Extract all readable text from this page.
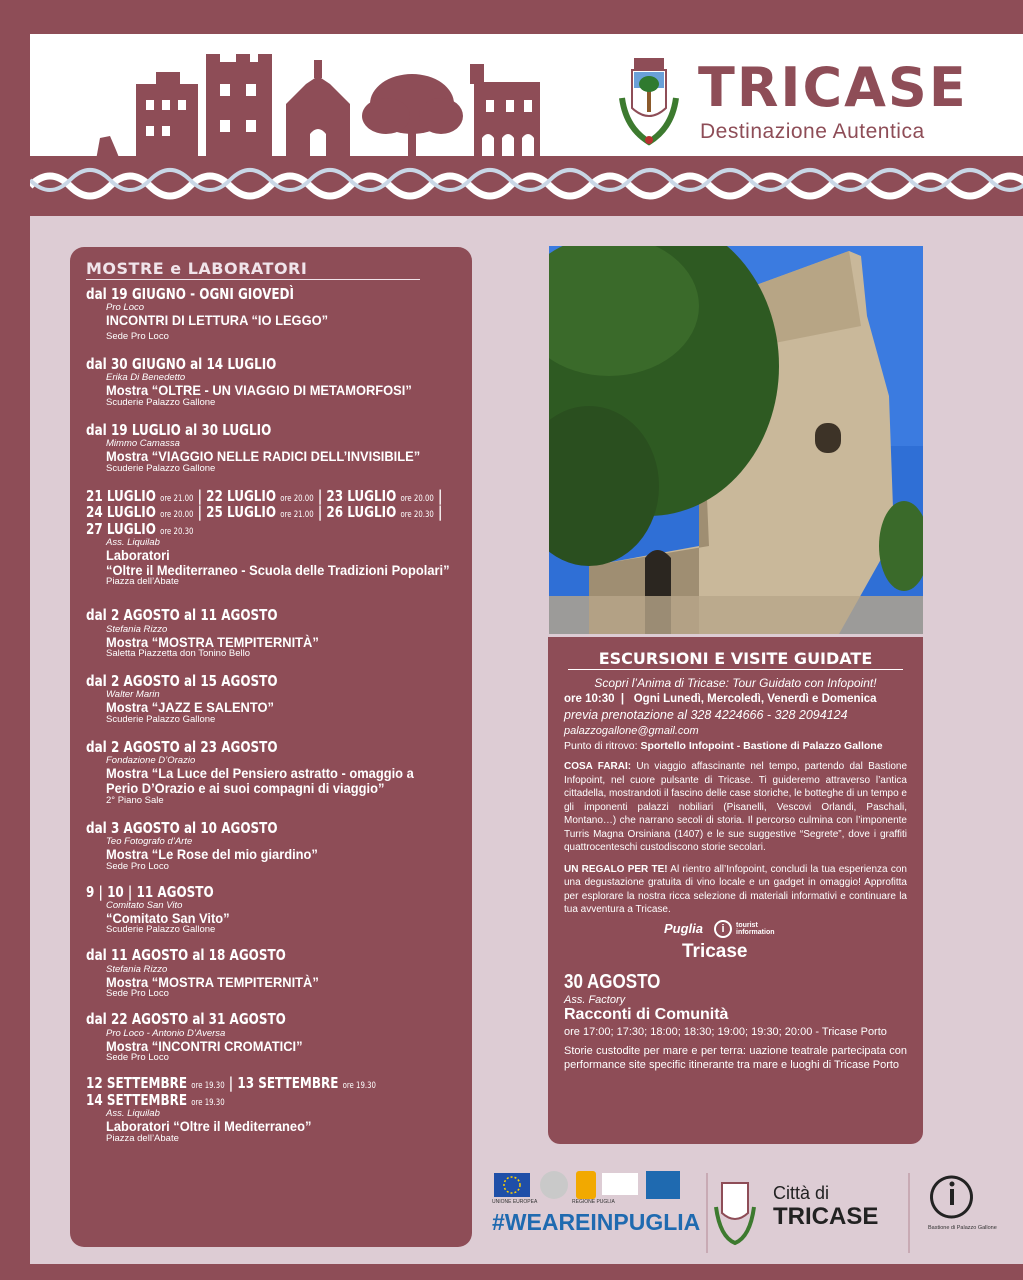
TRICASE
Destinazione Autentica
MOSTRE e LABORATORI
dal 19 GIUGNO - OGNI GIOVEDÌ
Pro Loco
INCONTRI DI LETTURA “IO LEGGO”
Sede Pro Loco
dal 30 GIUGNO al 14 LUGLIO
Erika Di Benedetto
Mostra “OLTRE - UN VIAGGIO DI METAMORFOSI”
Scuderie Palazzo Gallone
dal 19 LUGLIO al 30 LUGLIO
Mimmo Camassa
Mostra “VIAGGIO NELLE RADICI DELL’INVISIBILE”
Scuderie Palazzo Gallone
21 LUGLIO ore 21.00 | 22 LUGLIO ore 20.00 | 23 LUGLIO ore 20.00 |
24 LUGLIO ore 20.00 | 25 LUGLIO ore 21.00 | 26 LUGLIO ore 20.30 |
27 LUGLIO ore 20.30
Ass. Liquilab
Laboratori
“Oltre il Mediterraneo - Scuola delle Tradizioni Popolari”
Piazza dell’Abate
dal 2 AGOSTO al 11 AGOSTO
Stefania Rizzo
Mostra “MOSTRA TEMPITERNITÀ”
Saletta Piazzetta don Tonino Bello
dal 2 AGOSTO al 15 AGOSTO
Walter Marin
Mostra “JAZZ E SALENTO”
Scuderie Palazzo Gallone
dal 2 AGOSTO al 23 AGOSTO
Fondazione D’Orazio
Mostra “La Luce del Pensiero astratto - omaggio a
Perio D’Orazio e ai suoi compagni di viaggio”
2° Piano Sale
dal 3 AGOSTO al 10 AGOSTO
Teo Fotografo d’Arte
Mostra “Le Rose del mio giardino”
Sede Pro Loco
9 | 10 | 11 AGOSTO
Comitato San Vito
“Comitato San Vito”
Scuderie Palazzo Gallone
dal 11 AGOSTO al 18 AGOSTO
Stefania Rizzo
Mostra “MOSTRA TEMPITERNITÀ”
Sede Pro Loco
dal 22 AGOSTO al 31 AGOSTO
Pro Loco - Antonio D’Aversa
Mostra “INCONTRI CROMATICI”
Sede Pro Loco
12 SETTEMBRE ore 19.30 | 13 SETTEMBRE ore 19.30
14 SETTEMBRE ore 19.30
Ass. Liquilab
Laboratori “Oltre il Mediterraneo”
Piazza dell’Abate
ESCURSIONI E VISITE GUIDATE
Scopri l’Anima di Tricase: Tour Guidato con Infopoint!
ore 10:30  |   Ogni Lunedì, Mercoledì, Venerdì e Domenica
previa prenotazione al 328 4224666 - 328 2094124
palazzogallone@gmail.com
Punto di ritrovo: Sportello Infopoint - Bastione di Palazzo Gallone
COSA FARAI: Un viaggio affascinante nel tempo, partendo dal Bastione Infopoint, nel cuore pulsante di Tricase. Ti guideremo attraverso l’antica cittadella, mostrandoti il fascino delle case storiche, le botteghe di un tempo e gli imponenti palazzi nobiliari (Pisanelli, Vescovi Orlandi, Paschali, Montano…) che narrano secoli di storia. Il percorso culmina con l’imponente Turris Magna Orsiniana (1407) e le sue suggestive “Segrete”, dove i graffiti quattrocenteschi custodiscono storie secolari.
UN REGALO PER TE! Al rientro all’Infopoint, concludi la tua esperienza con una degustazione gratuita di vino locale e un gadget in omaggio! Approfitta per esplorare la nostra ricca selezione di materiali informativi e continuare la tua avventura a Tricase.
Puglia	i	tourist information
Tricase
30 AGOSTO
Ass. Factory
Racconti di Comunità
ore 17:00; 17:30; 18:00; 18:30; 19:00; 19:30; 20:00 - Tricase Porto
Storie custodite per mare e per terra: uazione teatrale partecipata con performance site specific itinerante tra mare e luoghi di Tricase Porto
UNIONE EUROPEA	REGIONE PUGLIA
#WEAREINPUGLIA
Città di
TRICASE	Bastione di Palazzo Gallone
